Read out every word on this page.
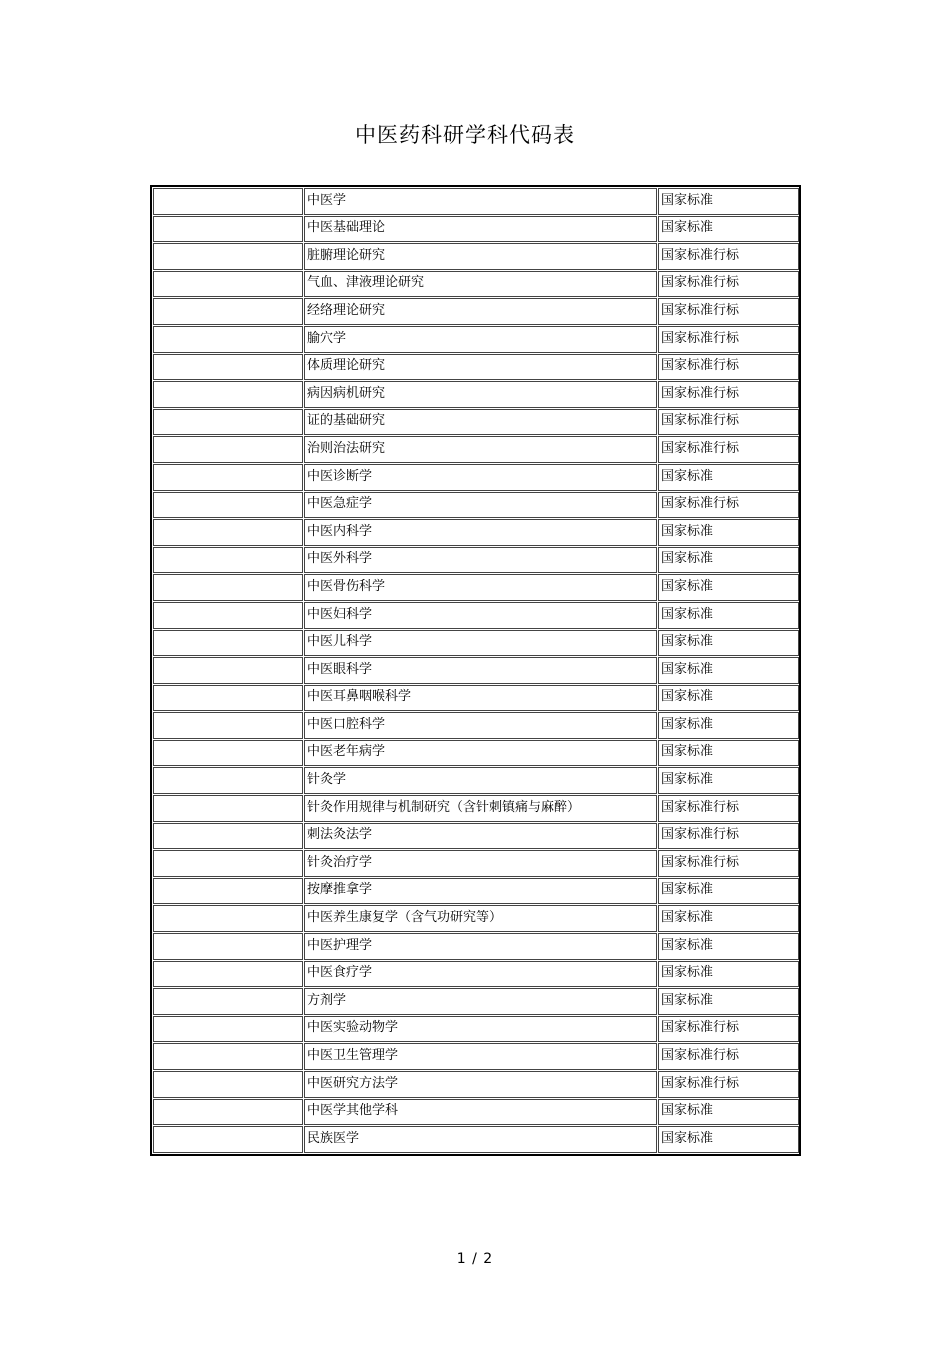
中医药科研学科代码表
	中医学	国家标准
	中医基础理论	国家标准
	脏腑理论研究	国家标准行标
	气血、津液理论研究	国家标准行标
	经络理论研究	国家标准行标
	腧穴学	国家标准行标
	体质理论研究	国家标准行标
	病因病机研究	国家标准行标
	证的基础研究	国家标准行标
	治则治法研究	国家标准行标
	中医诊断学	国家标准
	中医急症学	国家标准行标
	中医内科学	国家标准
	中医外科学	国家标准
	中医骨伤科学	国家标准
	中医妇科学	国家标准
	中医儿科学	国家标准
	中医眼科学	国家标准
	中医耳鼻咽喉科学	国家标准
	中医口腔科学	国家标准
	中医老年病学	国家标准
	针灸学	国家标准
	针灸作用规律与机制研究（含针刺镇痛与麻醉）	国家标准行标
	刺法灸法学	国家标准行标
	针灸治疗学	国家标准行标
	按摩推拿学	国家标准
	中医养生康复学（含气功研究等）	国家标准
	中医护理学	国家标准
	中医食疗学	国家标准
	方剂学	国家标准
	中医实验动物学	国家标准行标
	中医卫生管理学	国家标准行标
	中医研究方法学	国家标准行标
	中医学其他学科	国家标准
	民族医学	国家标准
1 / 2
